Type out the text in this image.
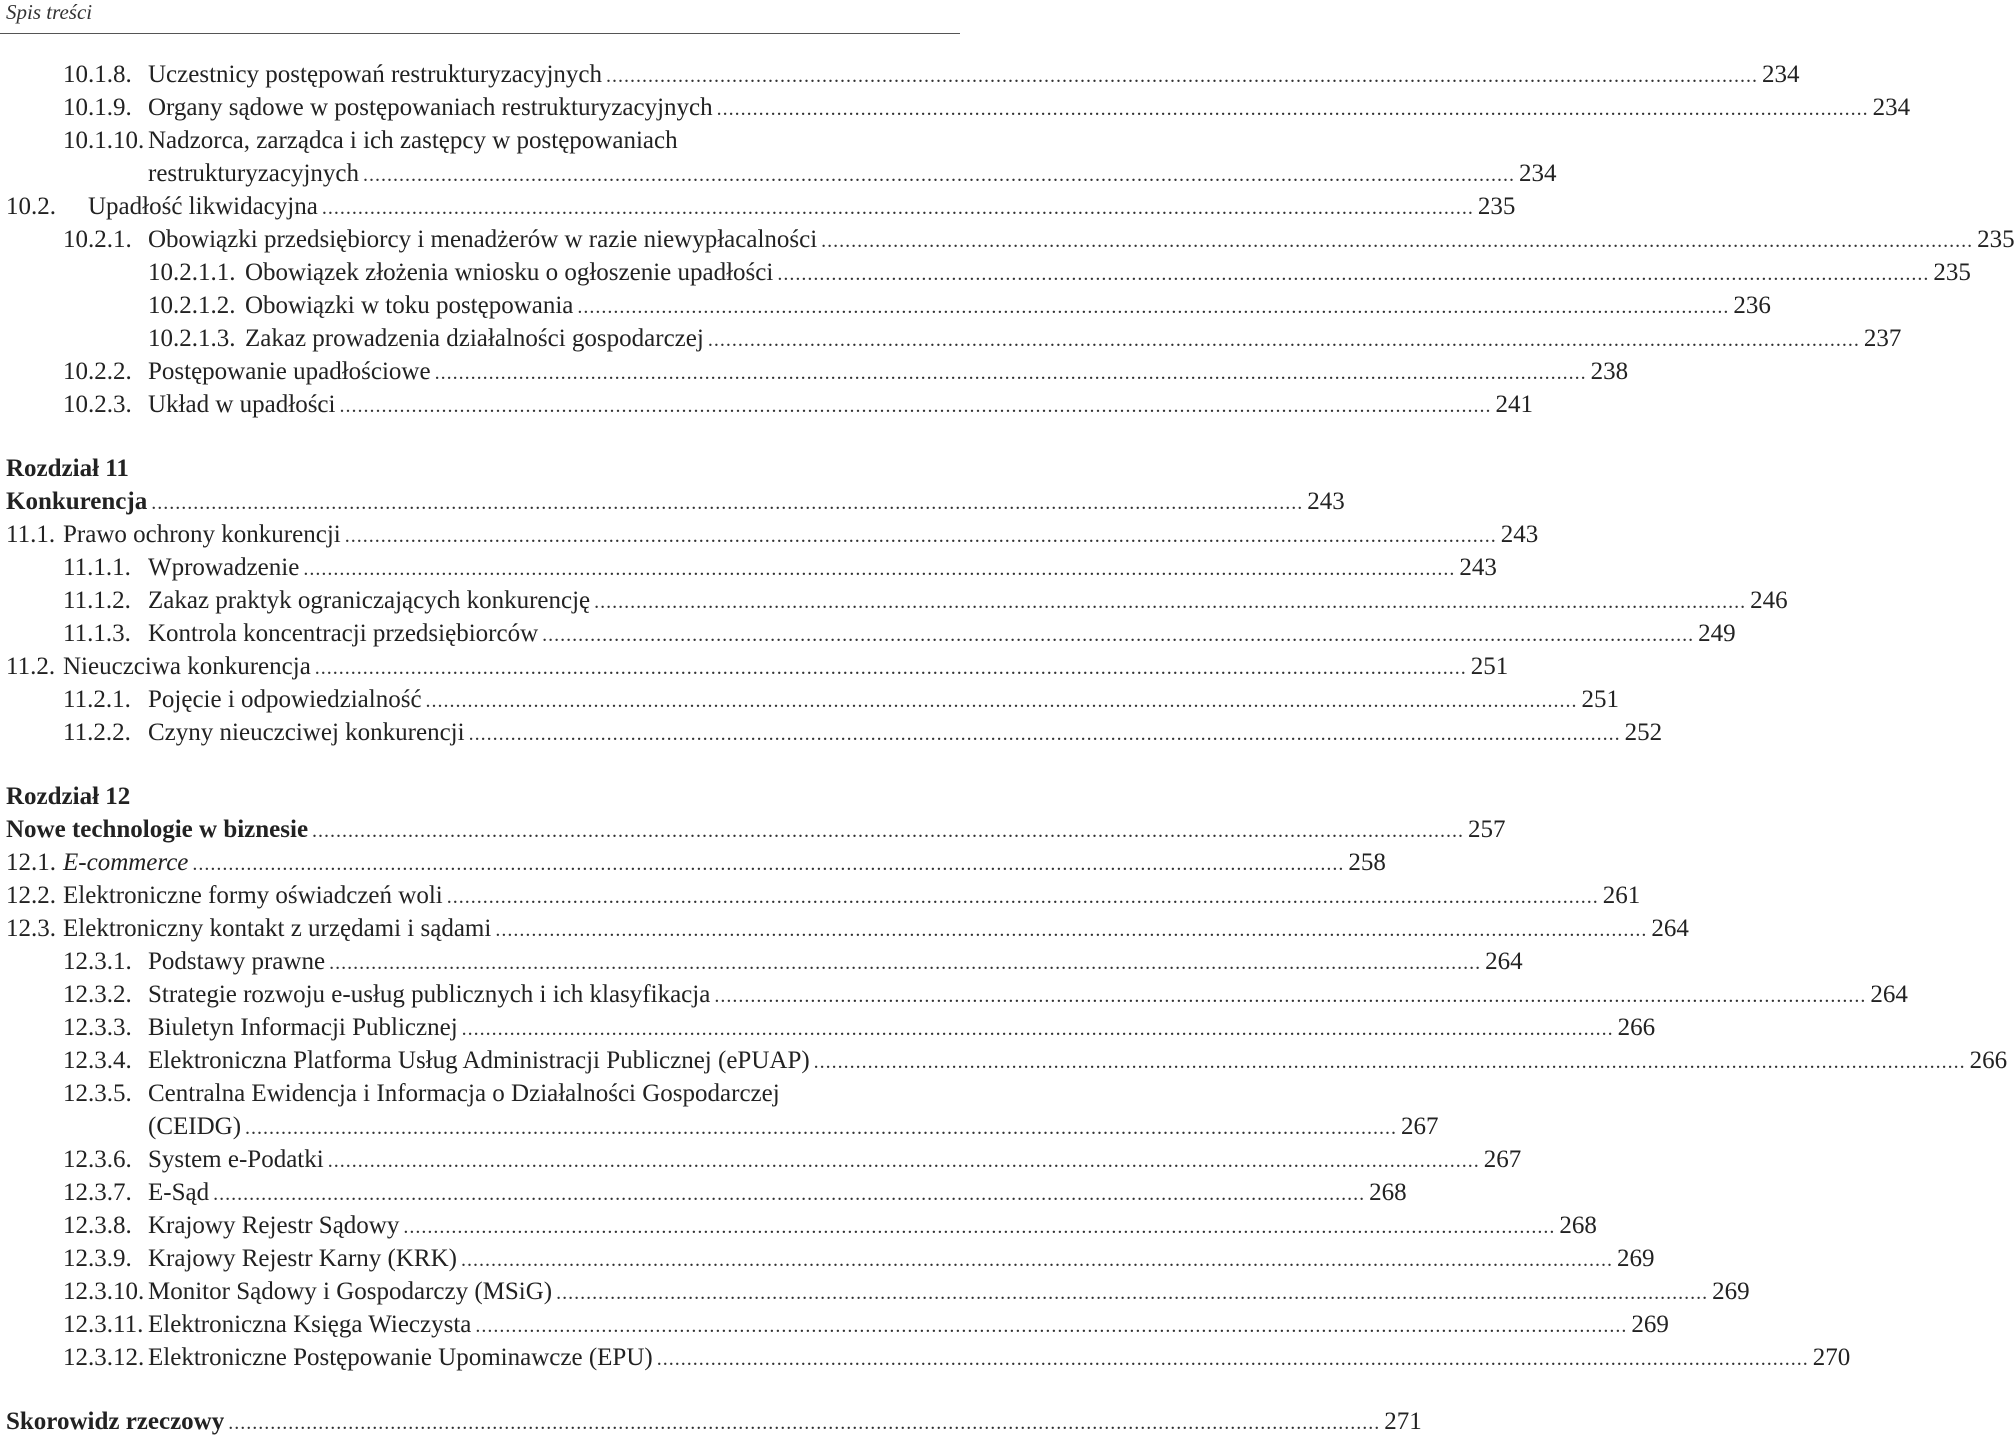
Spis treści
10.1.8. Uczestnicy postępowań restrukturyzacyjnych ................................................................................................................................................................................................ 234
10.1.9. Organy sądowe w postępowaniach restrukturyzacyjnych ................................................................................................................................................................................................ 234
10.1.10. Nadzorca, zarządca i ich zastępcy w postępowaniach
restrukturyzacyjnych ................................................................................................................................................................................................ 234
10.2. Upadłość likwidacyjna ................................................................................................................................................................................................ 235
10.2.1. Obowiązki przedsiębiorcy i menadżerów w razie niewypłacalności ................................................................................................................................................................................................ 235
10.2.1.1. Obowiązek złożenia wniosku o ogłoszenie upadłości ................................................................................................................................................................................................ 235
10.2.1.2. Obowiązki w toku postępowania ................................................................................................................................................................................................ 236
10.2.1.3. Zakaz prowadzenia działalności gospodarczej ................................................................................................................................................................................................ 237
10.2.2. Postępowanie upadłościowe ................................................................................................................................................................................................ 238
10.2.3. Układ w upadłości ................................................................................................................................................................................................ 241
Rozdział 11
Konkurencja ................................................................................................................................................................................................ 243
11.1. Prawo ochrony konkurencji ................................................................................................................................................................................................ 243
11.1.1. Wprowadzenie ................................................................................................................................................................................................ 243
11.1.2. Zakaz praktyk ograniczających konkurencję ................................................................................................................................................................................................ 246
11.1.3. Kontrola koncentracji przedsiębiorców ................................................................................................................................................................................................ 249
11.2. Nieuczciwa konkurencja ................................................................................................................................................................................................ 251
11.2.1. Pojęcie i odpowiedzialność ................................................................................................................................................................................................ 251
11.2.2. Czyny nieuczciwej konkurencji ................................................................................................................................................................................................ 252
Rozdział 12
Nowe technologie w biznesie ................................................................................................................................................................................................ 257
12.1. E-commerce ................................................................................................................................................................................................ 258
12.2. Elektroniczne formy oświadczeń woli ................................................................................................................................................................................................ 261
12.3. Elektroniczny kontakt z urzędami i sądami ................................................................................................................................................................................................ 264
12.3.1. Podstawy prawne ................................................................................................................................................................................................ 264
12.3.2. Strategie rozwoju e-usług publicznych i ich klasyfikacja ................................................................................................................................................................................................ 264
12.3.3. Biuletyn Informacji Publicznej ................................................................................................................................................................................................ 266
12.3.4. Elektroniczna Platforma Usług Administracji Publicznej (ePUAP) ................................................................................................................................................................................................ 266
12.3.5. Centralna Ewidencja i Informacja o Działalności Gospodarczej
(CEIDG) ................................................................................................................................................................................................ 267
12.3.6. System e-Podatki ................................................................................................................................................................................................ 267
12.3.7. E-Sąd ................................................................................................................................................................................................ 268
12.3.8. Krajowy Rejestr Sądowy ................................................................................................................................................................................................ 268
12.3.9. Krajowy Rejestr Karny (KRK) ................................................................................................................................................................................................ 269
12.3.10. Monitor Sądowy i Gospodarczy (MSiG) ................................................................................................................................................................................................ 269
12.3.11. Elektroniczna Księga Wieczysta ................................................................................................................................................................................................ 269
12.3.12. Elektroniczne Postępowanie Upominawcze (EPU) ................................................................................................................................................................................................ 270
Skorowidz rzeczowy ................................................................................................................................................................................................ 271
